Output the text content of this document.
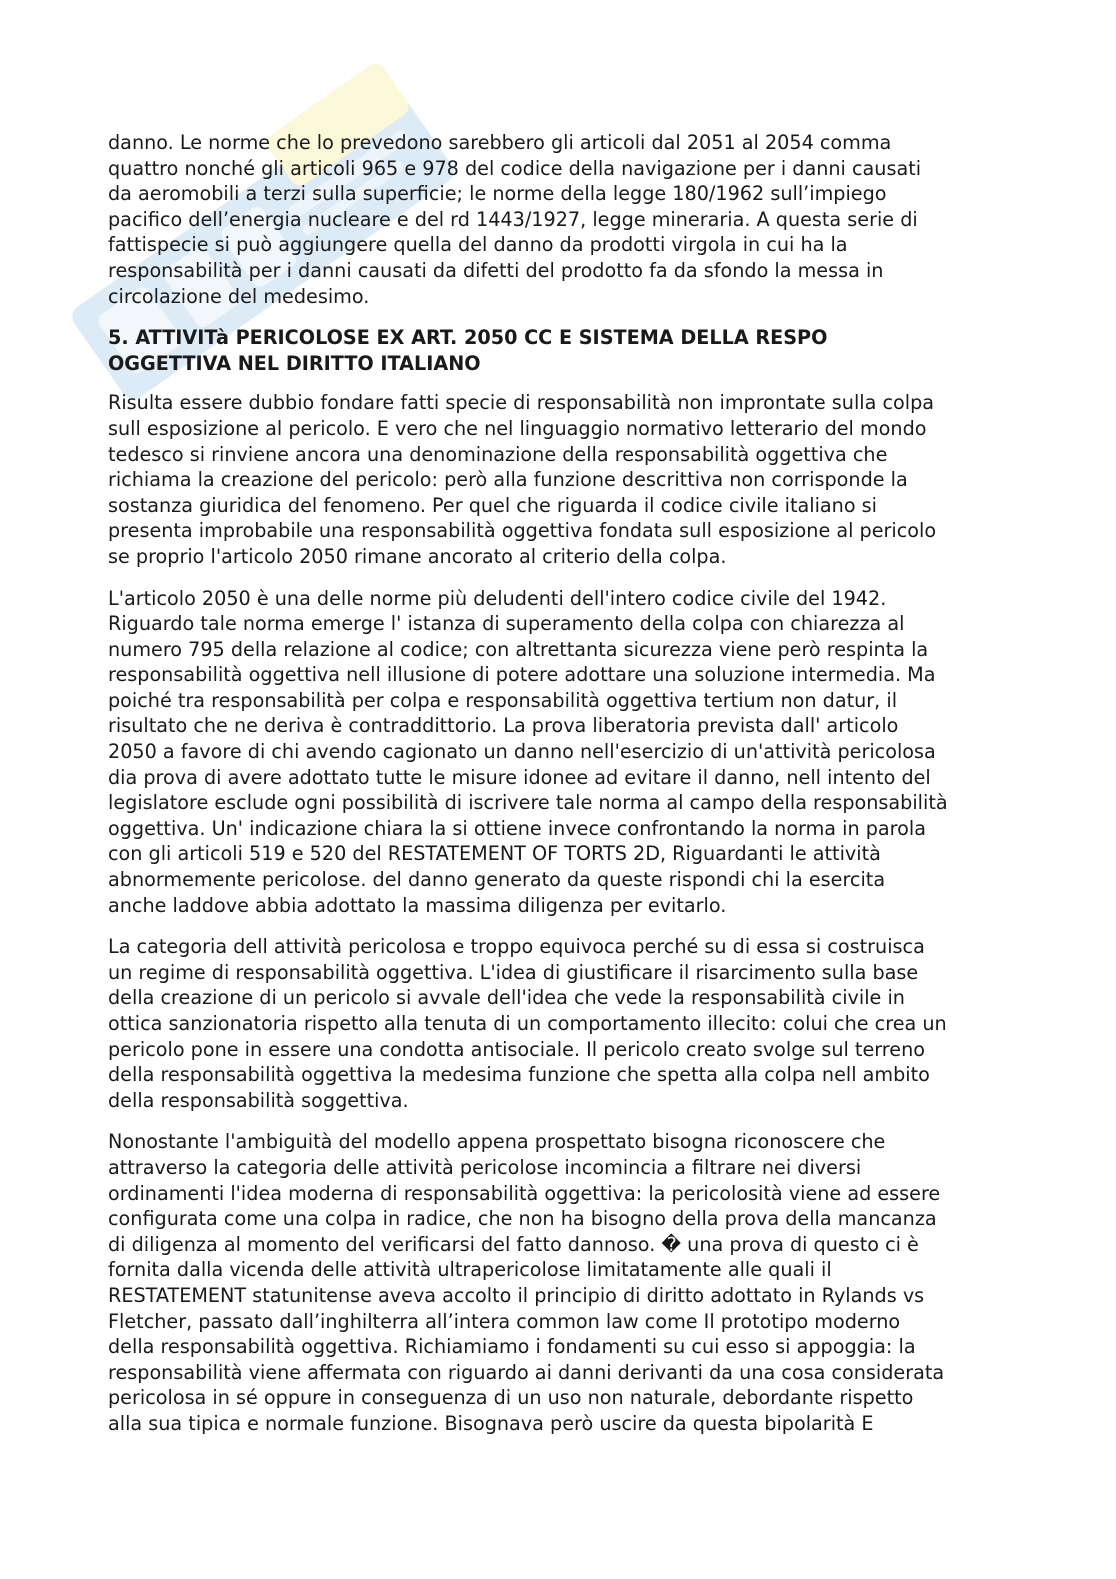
danno. Le norme che lo prevedono sarebbero gli articoli dal 2051 al 2054 comma
quattro nonché gli articoli 965 e 978 del codice della navigazione per i danni causati
da aeromobili a terzi sulla superficie; le norme della legge 180/1962 sull’impiego
pacifico dell’energia nucleare e del rd 1443/1927, legge mineraria. A questa serie di
fattispecie si può aggiungere quella del danno da prodotti virgola in cui ha la
responsabilità per i danni causati da difetti del prodotto fa da sfondo la messa in
circolazione del medesimo.

5. ATTIVITà PERICOLOSE EX ART. 2050 CC E SISTEMA DELLA RESPO
OGGETTIVA NEL DIRITTO ITALIANO

Risulta essere dubbio fondare fatti specie di responsabilità non improntate sulla colpa
sull esposizione al pericolo. E vero che nel linguaggio normativo letterario del mondo
tedesco si rinviene ancora una denominazione della responsabilità oggettiva che
richiama la creazione del pericolo: però alla funzione descrittiva non corrisponde la
sostanza giuridica del fenomeno. Per quel che riguarda il codice civile italiano si
presenta improbabile una responsabilità oggettiva fondata sull esposizione al pericolo
se proprio l'articolo 2050 rimane ancorato al criterio della colpa.

L'articolo 2050 è una delle norme più deludenti dell'intero codice civile del 1942.
Riguardo tale norma emerge l' istanza di superamento della colpa con chiarezza al
numero 795 della relazione al codice; con altrettanta sicurezza viene però respinta la
responsabilità oggettiva nell illusione di potere adottare una soluzione intermedia. Ma
poiché tra responsabilità per colpa e responsabilità oggettiva tertium non datur, il
risultato che ne deriva è contraddittorio. La prova liberatoria prevista dall' articolo
2050 a favore di chi avendo cagionato un danno nell'esercizio di un'attività pericolosa
dia prova di avere adottato tutte le misure idonee ad evitare il danno, nell intento del
legislatore esclude ogni possibilità di iscrivere tale norma al campo della responsabilità
oggettiva. Un' indicazione chiara la si ottiene invece confrontando la norma in parola
con gli articoli 519 e 520 del RESTATEMENT OF TORTS 2D, Riguardanti le attività
abnormemente pericolose. del danno generato da queste rispondi chi la esercita
anche laddove abbia adottato la massima diligenza per evitarlo.

La categoria dell attività pericolosa e troppo equivoca perché su di essa si costruisca
un regime di responsabilità oggettiva. L'idea di giustificare il risarcimento sulla base
della creazione di un pericolo si avvale dell'idea che vede la responsabilità civile in
ottica sanzionatoria rispetto alla tenuta di un comportamento illecito: colui che crea un
pericolo pone in essere una condotta antisociale. Il pericolo creato svolge sul terreno
della responsabilità oggettiva la medesima funzione che spetta alla colpa nell ambito
della responsabilità soggettiva.

Nonostante l'ambiguità del modello appena prospettato bisogna riconoscere che
attraverso la categoria delle attività pericolose incomincia a filtrare nei diversi
ordinamenti l'idea moderna di responsabilità oggettiva: la pericolosità viene ad essere
configurata come una colpa in radice, che non ha bisogno della prova della mancanza
di diligenza al momento del verificarsi del fatto dannoso. � una prova di questo ci è
fornita dalla vicenda delle attività ultrapericolose limitatamente alle quali il
RESTATEMENT statunitense aveva accolto il principio di diritto adottato in Rylands vs
Fletcher, passato dall’inghilterra all’intera common law come Il prototipo moderno
della responsabilità oggettiva. Richiamiamo i fondamenti su cui esso si appoggia: la
responsabilità viene affermata con riguardo ai danni derivanti da una cosa considerata
pericolosa in sé oppure in conseguenza di un uso non naturale, debordante rispetto
alla sua tipica e normale funzione. Bisognava però uscire da questa bipolarità E
